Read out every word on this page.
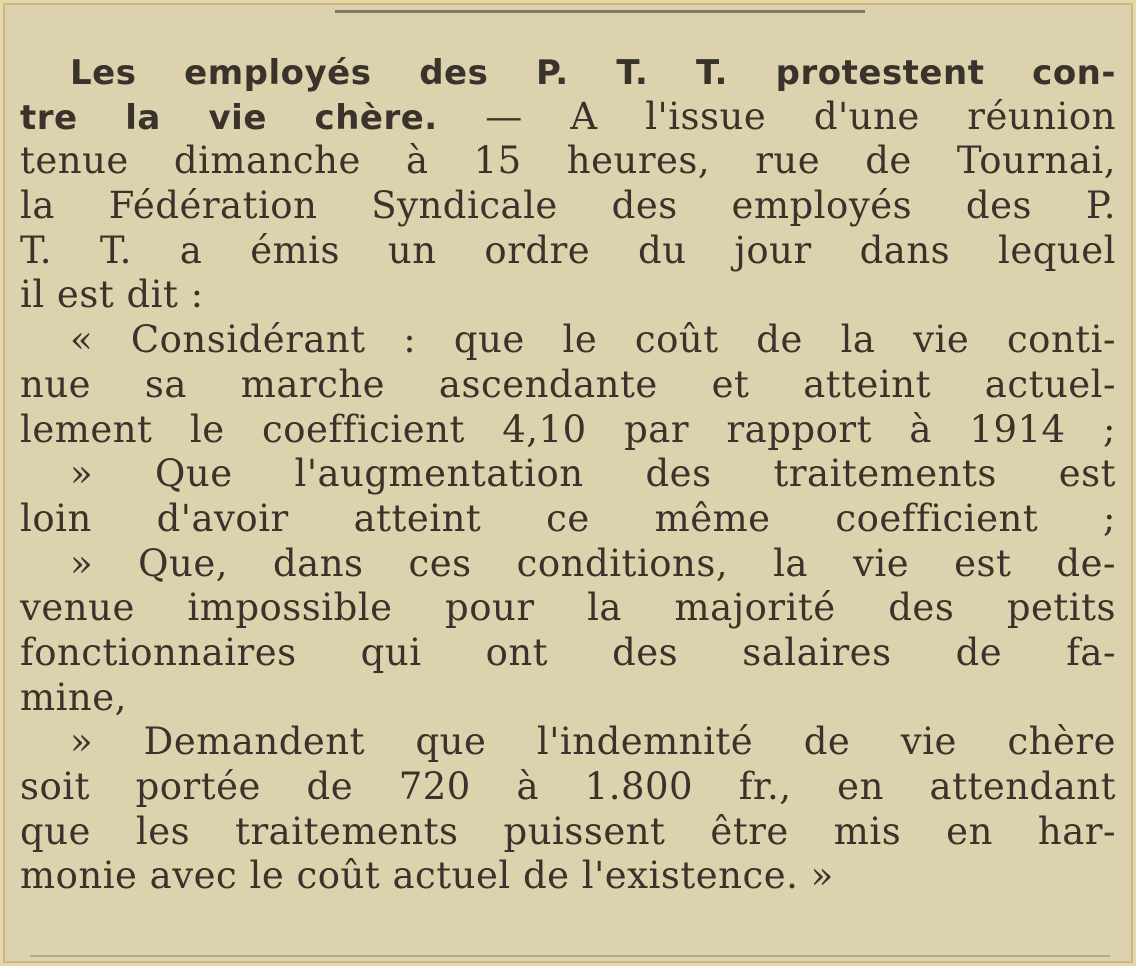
Les employés des P. T. T. protestent con-
tre la vie chère. — A l'issue d'une réunion
tenue dimanche à 15 heures, rue de Tournai,
la Fédération Syndicale des employés des P.
T. T. a émis un ordre du jour dans lequel
il est dit :
« Considérant : que le coût de la vie conti-
nue sa marche ascendante et atteint actuel-
lement le coefficient 4,10 par rapport à 1914 ;
» Que l'augmentation des traitements est
loin d'avoir atteint ce même coefficient ;
» Que, dans ces conditions, la vie est de-
venue impossible pour la majorité des petits
fonctionnaires qui ont des salaires de fa-
mine,
» Demandent que l'indemnité de vie chère
soit portée de 720 à 1.800 fr., en attendant
que les traitements puissent être mis en har-
monie avec le coût actuel de l'existence. »
